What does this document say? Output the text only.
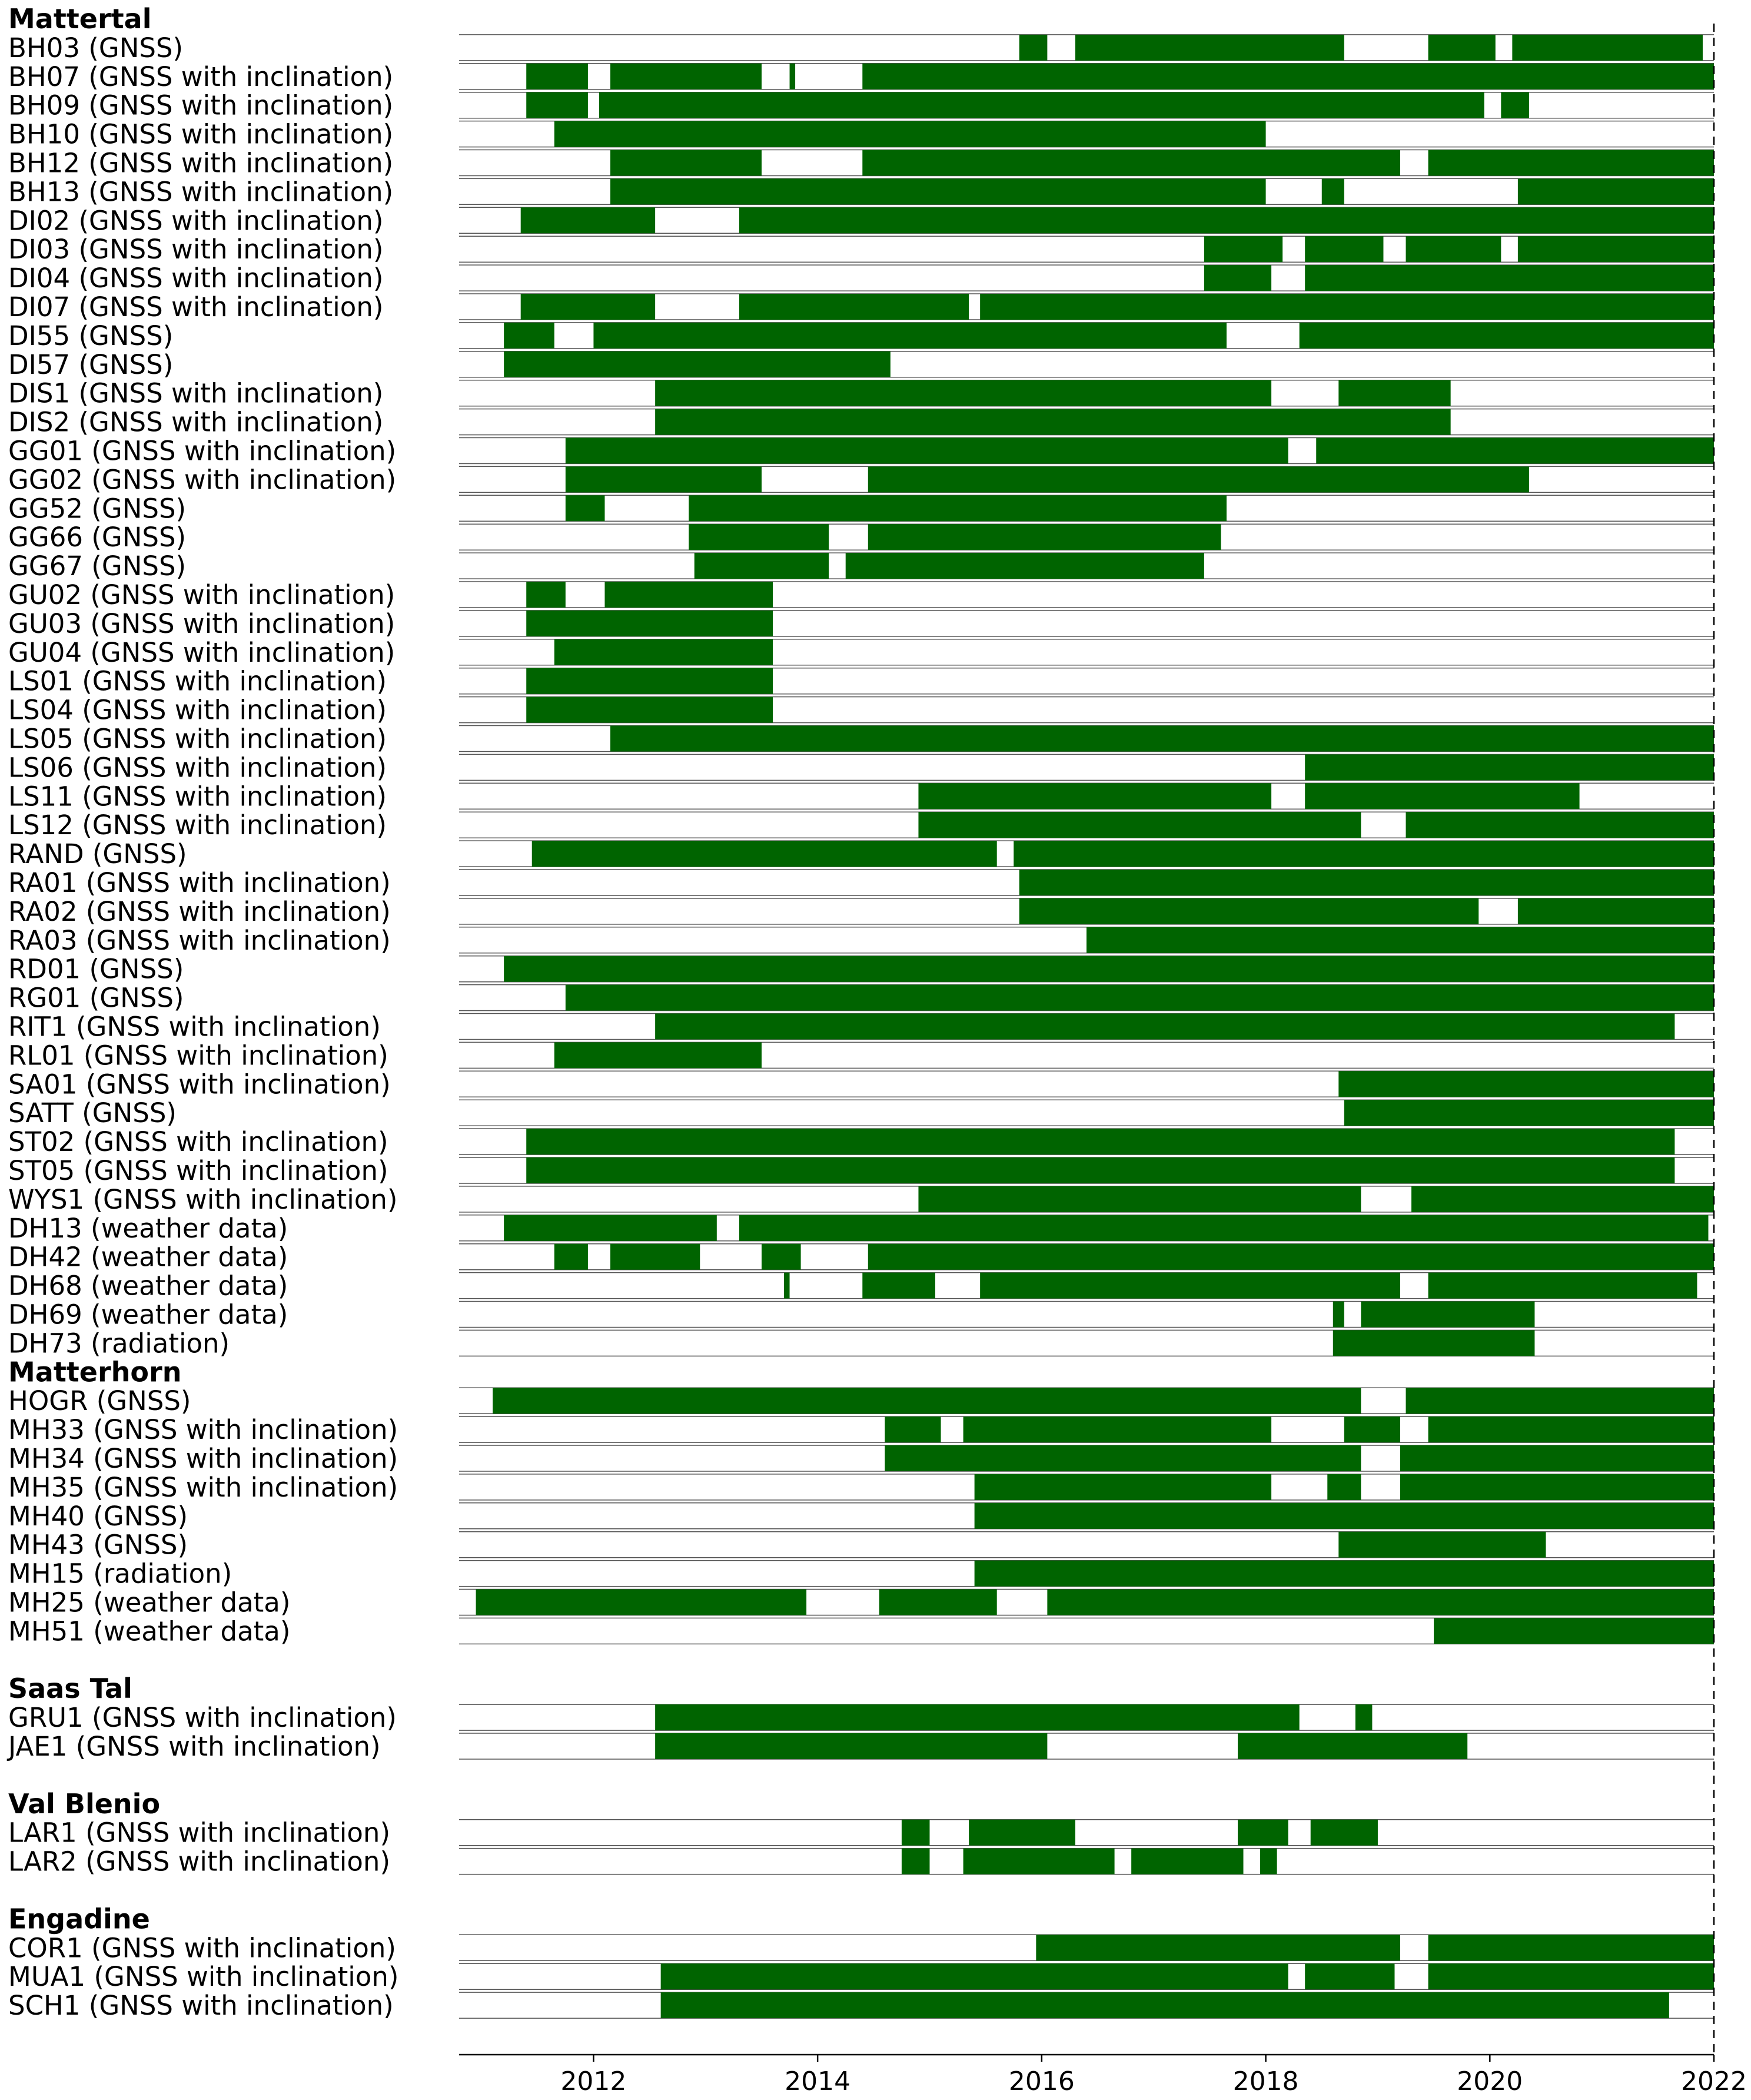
Mattertal
BH03 (GNSS)
BH07 (GNSS with inclination)
BH09 (GNSS with inclination)
BH10 (GNSS with inclination)
BH12 (GNSS with inclination)
BH13 (GNSS with inclination)
DI02 (GNSS with inclination)
DI03 (GNSS with inclination)
DI04 (GNSS with inclination)
DI07 (GNSS with inclination)
DI55 (GNSS)
DI57 (GNSS)
DIS1 (GNSS with inclination)
DIS2 (GNSS with inclination)
GG01 (GNSS with inclination)
GG02 (GNSS with inclination)
GG52 (GNSS)
GG66 (GNSS)
GG67 (GNSS)
GU02 (GNSS with inclination)
GU03 (GNSS with inclination)
GU04 (GNSS with inclination)
LS01 (GNSS with inclination)
LS04 (GNSS with inclination)
LS05 (GNSS with inclination)
LS06 (GNSS with inclination)
LS11 (GNSS with inclination)
LS12 (GNSS with inclination)
RAND (GNSS)
RA01 (GNSS with inclination)
RA02 (GNSS with inclination)
RA03 (GNSS with inclination)
RD01 (GNSS)
RG01 (GNSS)
RIT1 (GNSS with inclination)
RL01 (GNSS with inclination)
SA01 (GNSS with inclination)
SATT (GNSS)
ST02 (GNSS with inclination)
ST05 (GNSS with inclination)
WYS1 (GNSS with inclination)
DH13 (weather data)
DH42 (weather data)
DH68 (weather data)
DH69 (weather data)
DH73 (radiation)
Matterhorn
HOGR (GNSS)
MH33 (GNSS with inclination)
MH34 (GNSS with inclination)
MH35 (GNSS with inclination)
MH40 (GNSS)
MH43 (GNSS)
MH15 (radiation)
MH25 (weather data)
MH51 (weather data)
Saas Tal
GRU1 (GNSS with inclination)
JAE1 (GNSS with inclination)
Val Blenio
LAR1 (GNSS with inclination)
LAR2 (GNSS with inclination)
Engadine
COR1 (GNSS with inclination)
MUA1 (GNSS with inclination)
SCH1 (GNSS with inclination)
2012	2014	2016	2018	2020	2022
